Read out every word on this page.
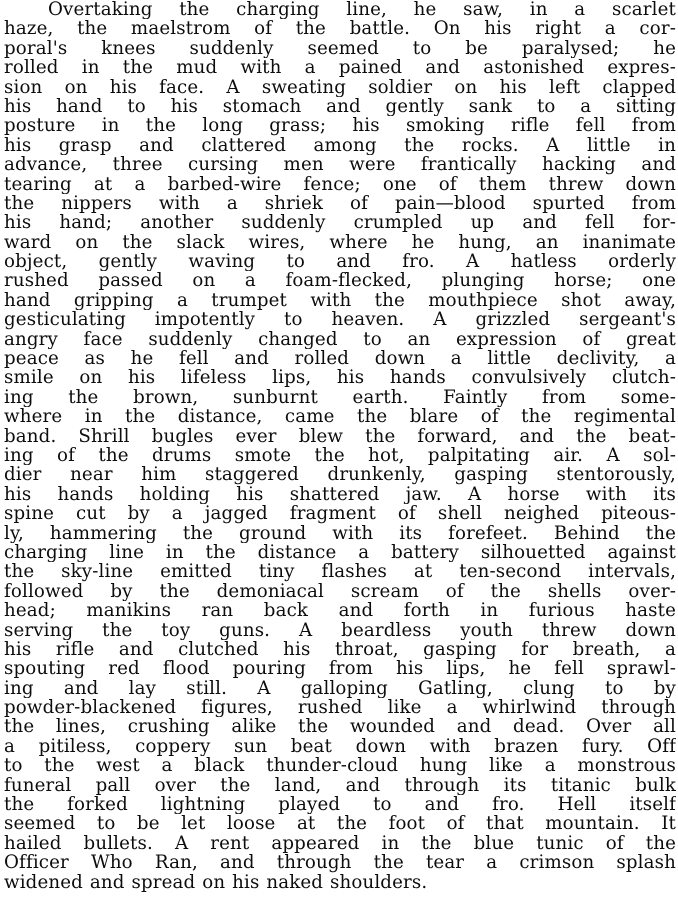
Overtaking the charging line, he saw, in a scarlet
haze, the maelstrom of the battle. On his right a cor-
poral's knees suddenly seemed to be paralysed; he
rolled in the mud with a pained and astonished expres-
sion on his face. A sweating soldier on his left clapped
his hand to his stomach and gently sank to a sitting
posture in the long grass; his smoking rifle fell from
his grasp and clattered among the rocks. A little in
advance, three cursing men were frantically hacking and
tearing at a barbed-wire fence; one of them threw down
the nippers with a shriek of pain—blood spurted from
his hand; another suddenly crumpled up and fell for-
ward on the slack wires, where he hung, an inanimate
object, gently waving to and fro. A hatless orderly
rushed passed on a foam-flecked, plunging horse; one
hand gripping a trumpet with the mouthpiece shot away,
gesticulating impotently to heaven. A grizzled sergeant's
angry face suddenly changed to an expression of great
peace as he fell and rolled down a little declivity, a
smile on his lifeless lips, his hands convulsively clutch-
ing the brown, sunburnt earth. Faintly from some-
where in the distance, came the blare of the regimental
band. Shrill bugles ever blew the forward, and the beat-
ing of the drums smote the hot, palpitating air. A sol-
dier near him staggered drunkenly, gasping stentorously,
his hands holding his shattered jaw. A horse with its
spine cut by a jagged fragment of shell neighed piteous-
ly, hammering the ground with its forefeet. Behind the
charging line in the distance a battery silhouetted against
the sky-line emitted tiny flashes at ten-second intervals,
followed by the demoniacal scream of the shells over-
head; manikins ran back and forth in furious haste
serving the toy guns. A beardless youth threw down
his rifle and clutched his throat, gasping for breath, a
spouting red flood pouring from his lips, he fell sprawl-
ing and lay still. A galloping Gatling, clung to by
powder-blackened figures, rushed like a whirlwind through
the lines, crushing alike the wounded and dead. Over all
a pitiless, coppery sun beat down with brazen fury. Off
to the west a black thunder-cloud hung like a monstrous
funeral pall over the land, and through its titanic bulk
the forked lightning played to and fro. Hell itself
seemed to be let loose at the foot of that mountain. It
hailed bullets. A rent appeared in the blue tunic of the
Officer Who Ran, and through the tear a crimson splash
widened and spread on his naked shoulders.
